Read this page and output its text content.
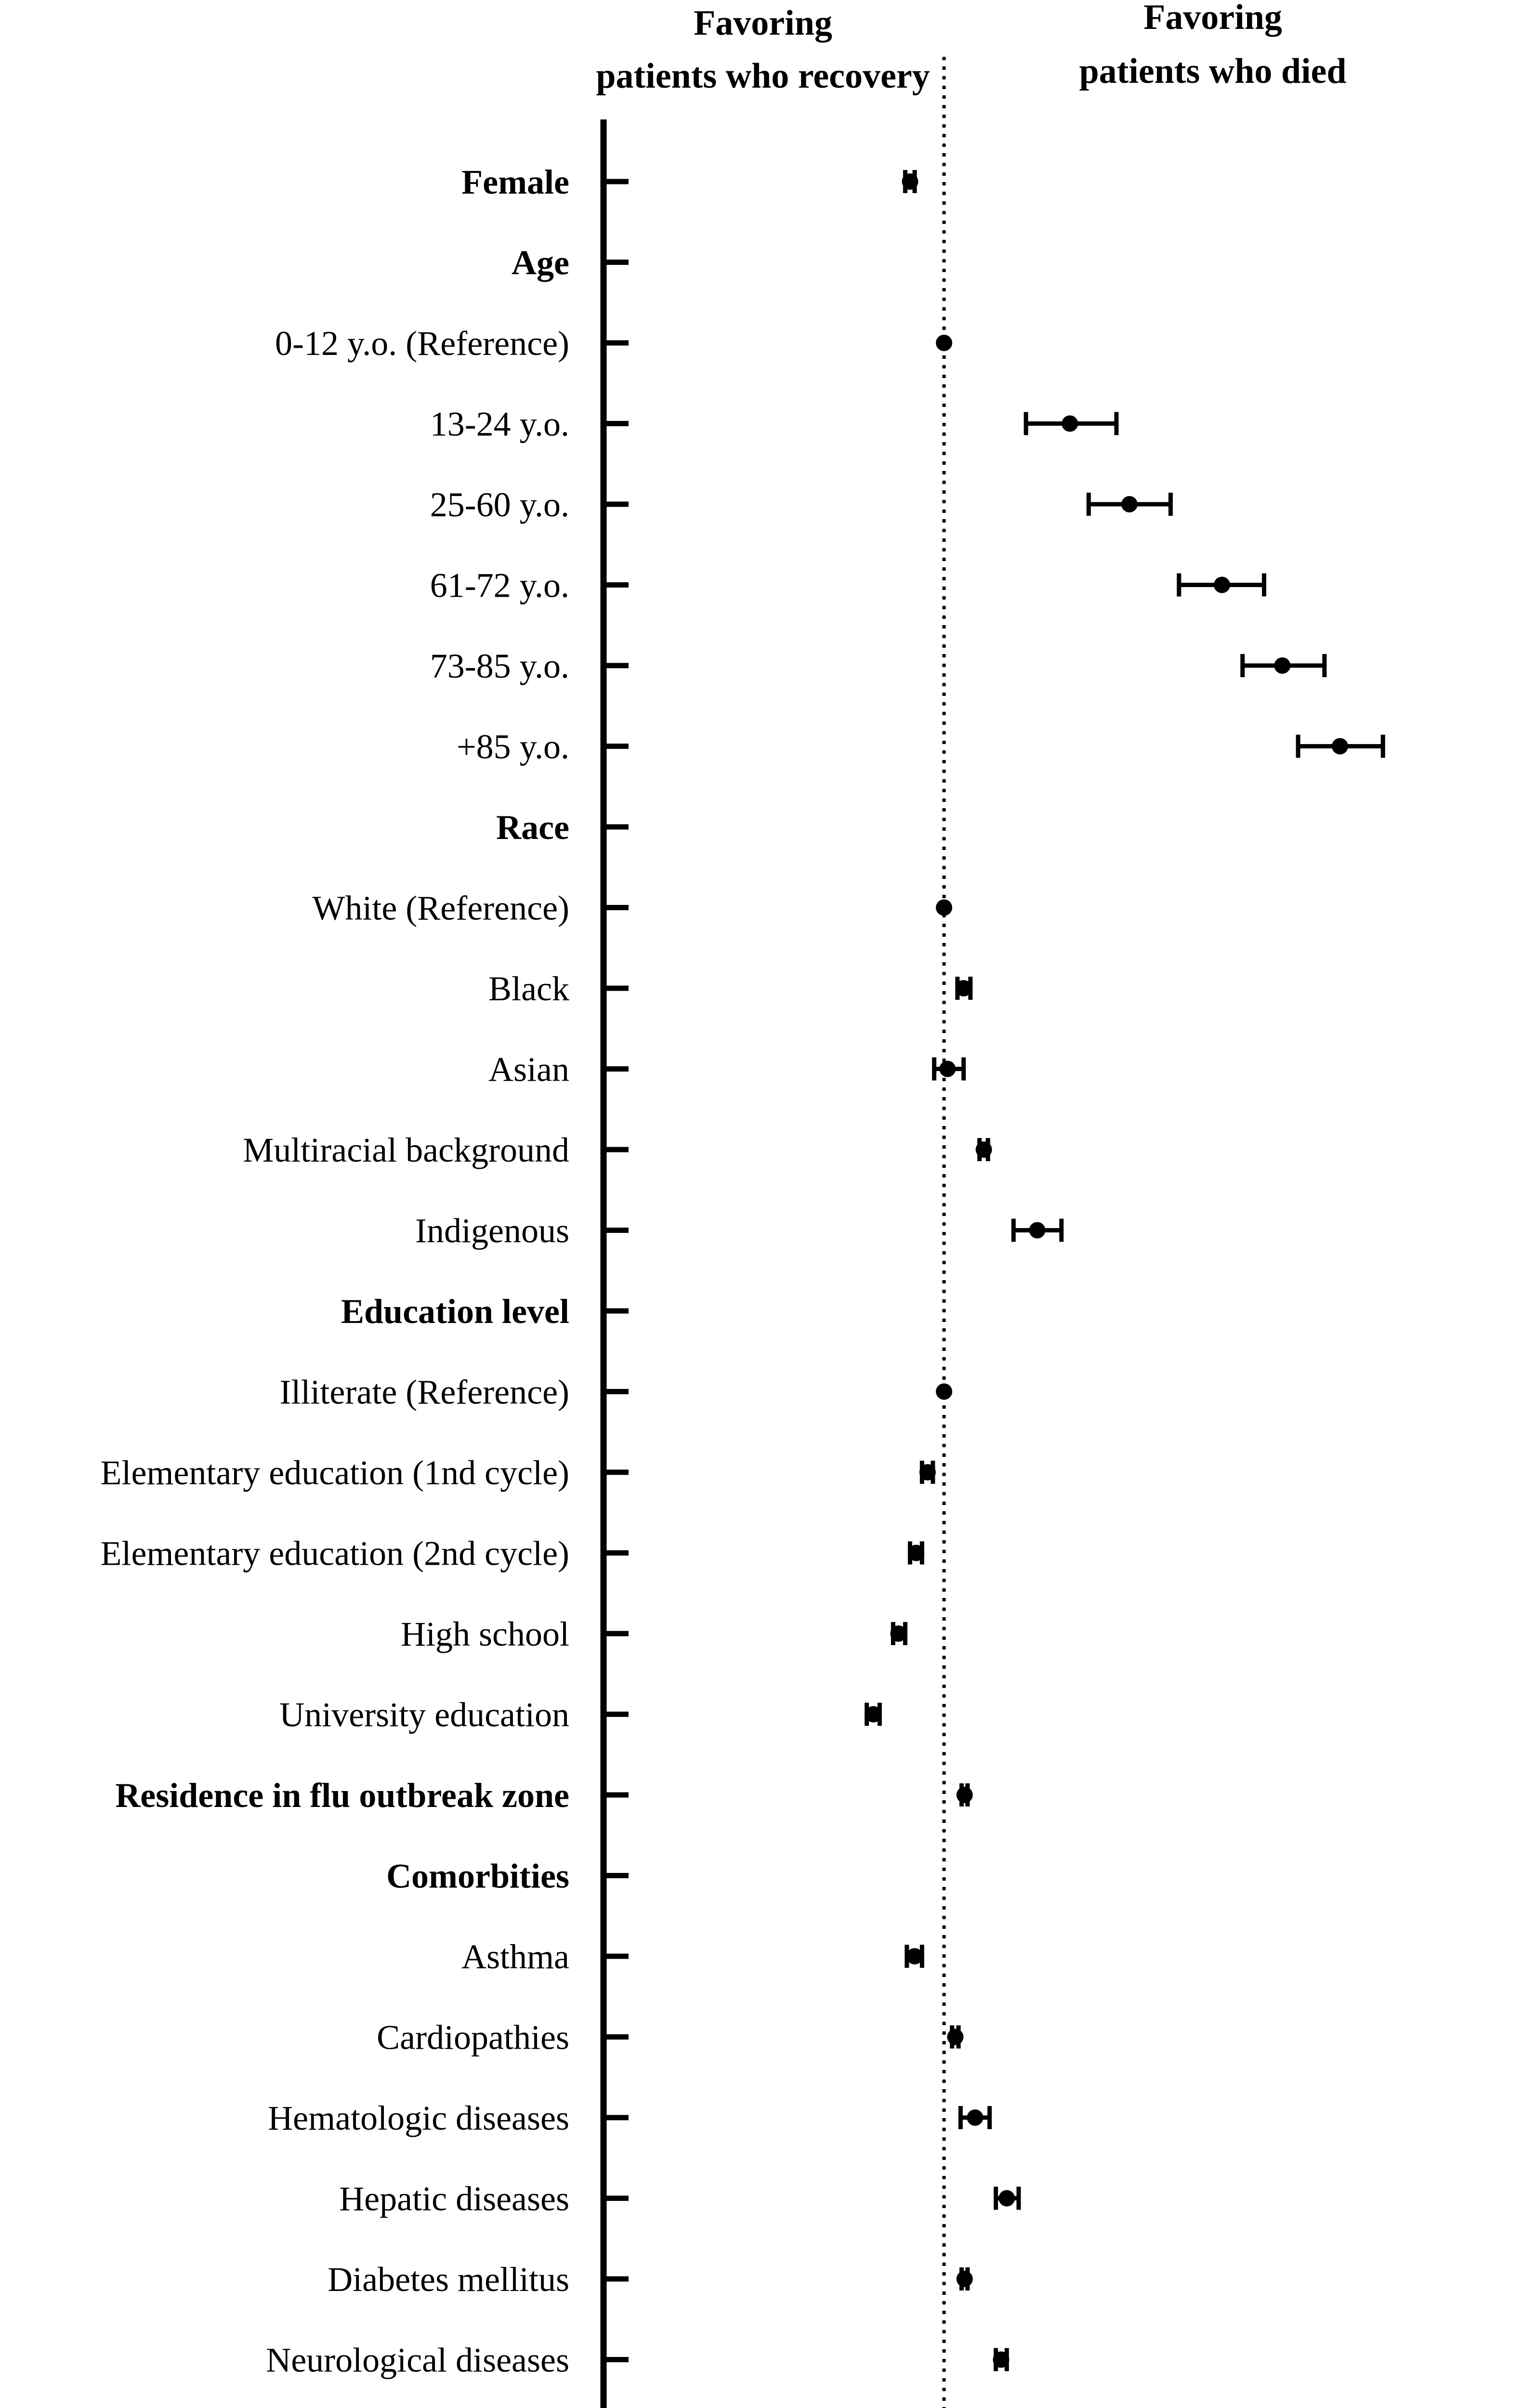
Favoring
patients who recovery
Favoring
patients who died
Female
Age
0-12 y.o. (Reference)
13-24 y.o.
25-60 y.o.
61-72 y.o.
73-85 y.o.
+85 y.o.
Race
White (Reference)
Black
Asian
Multiracial background
Indigenous
Education level
Illiterate (Reference)
Elementary education (1nd cycle)
Elementary education (2nd cycle)
High school
University education
Residence in flu outbreak zone
Comorbities
Asthma
Cardiopathies
Hematologic diseases
Hepatic diseases
Diabetes mellitus
Neurological diseases
